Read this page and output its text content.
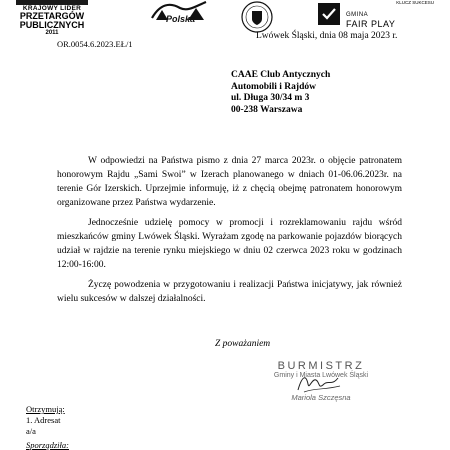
KRAJOWY LIDER
PRZETARGÓW
PUBLICZNYCH
2011
Polska
KLUCZ SUKCESU
GMINA
FAIR PLAY
Lwówek Śląski, dnia 08 maja 2023 r.
OR.0054.6.2023.EŁ/1
CAAE Club Antycznych
Automobili i Rajdów
ul. Długa 30/34 m 3
00-238 Warszawa

W odpowiedzi na Państwa pismo z dnia 27 marca 2023r. o objęcie patronatem honorowym Rajdu „Sami Swoi” w Izerach planowanego w dniach 01-06.06.2023r. na terenie Gór Izerskich. Uprzejmie informuję, iż z chęcią obejmę patronatem honorowym organizowane przez Państwa wydarzenie.

Jednocześnie udzielę pomocy w promocji i rozreklamowaniu rajdu wśród mieszkańców gminy Lwówek Śląski. Wyrażam zgodę na parkowanie pojazdów biorących udział w rajdzie na terenie rynku miejskiego w dniu 02 czerwca 2023 roku w godzinach 12:00-16:00.

Życzę powodzenia w przygotowaniu i realizacji Państwa inicjatywy, jak również wielu sukcesów w dalszej działalności.

Z poważaniem
BURMISTRZ
Gminy i Miasta Lwówek Śląski
Mariola Szczęsna
Otrzymują:
1. Adresat
a/a
Sporządziła:
